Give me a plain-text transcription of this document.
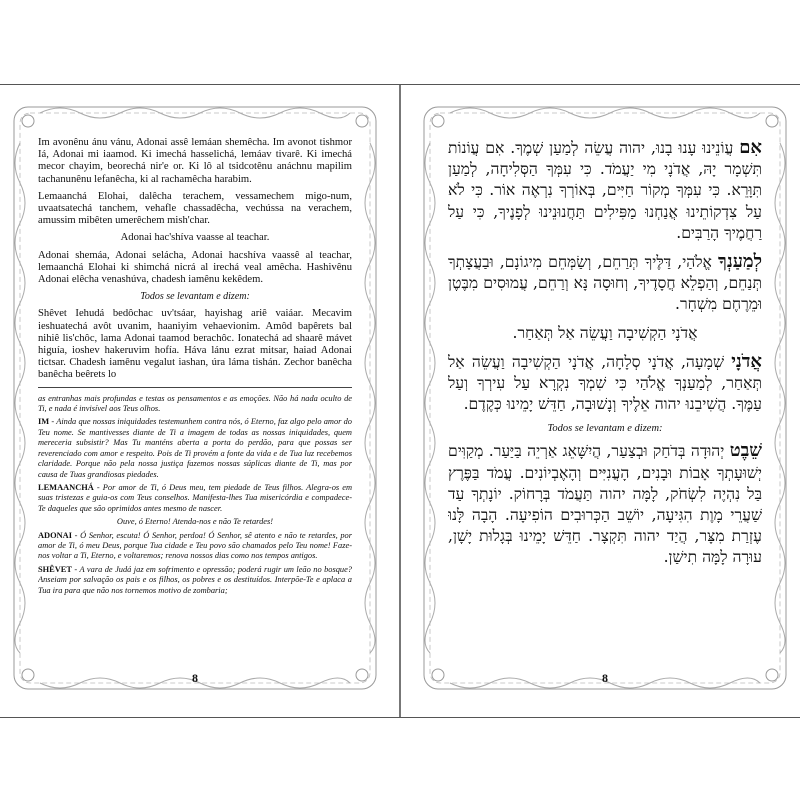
Im avonênu ánu vánu, Adonai assê lemáan shemêcha. Im avonot tishmor Iá, Adonai mi iaamod. Ki imechá hasselichá, lemáav tivarê. Ki imechá mecor chayim, beorechá nir'e or. Ki lô al tsidcotênu anáchnu mapilim tachanunênu lefanêcha, ki al rachamêcha harabim.

Lemaanchá Elohai, dalêcha terachem, vessamechem migo-num, uvaatsatechá tanchem, vehafle chassadêcha, vechússa na verachem, amussim mibêten umerêchem mish'char.

Adonai hac'shíva vaasse al teachar.

Adonai shemáa, Adonai selácha, Adonai hacshíva vaassê al teachar, lemaanchá Elohai ki shimchá nicrá al irechá veal amêcha. Hashivênu Adonai elêcha venashúva, chadesh iamênu kekêdem.

Todos se levantam e dizem:

Shêvet Iehudá bedôchac uv'tsáar, hayishag ariê vaiáar. Mecavim ieshuatechá avôt uvanim, haaniyim vehaevionim. Amôd bapêrets bal nihiê lis'chôc, lama Adonai taamod berachôc. Ionatechá ad shaarê mávet higuía, ioshev hakeruvim hofía. Háva lánu ezrat mitsar, haiad Adonai tictsar. Chadesh iamênu vegalut iashan, úra láma tishán. Zechor banêcha banêcha beêrets lo

as entranhas mais profundas e testas os pensamentos e as emoções. Não há nada oculto de Ti, e nada é invisível aos Teus olhos.

IM - Ainda que nossas iniquidades testemunhem contra nós, ó Eterno, faz algo pelo amor do Teu nome. Se mantivesses diante de Ti a imagem de todas as nossas iniquidades, quem mereceria subsistir? Mas Tu manténs aberta a porta do perdão, para que possas ser reverenciado com amor e respeito. Pois de Ti provém a fonte da vida e de Tua luz recebemos claridade. Porque não pela nossa justiça fazemos nossas súplicas diante de Ti, mas por causa de Tuas grandiosas piedades.

LEMAANCHÁ - Por amor de Ti, ó Deus meu, tem piedade de Teus filhos. Alegra-os em suas tristezas e guia-os com Teus conselhos. Manifesta-lhes Tua misericórdia e compadece-Te daqueles que são oprimidos antes mesmo de nascer.

Ouve, ó Eterno! Atenda-nos e não Te retardes!

ADONAI - Ó Senhor, escuta! Ó Senhor, perdoa! Ó Senhor, sê atento e não te retardes, por amor de Ti, ó meu Deus, porque Tua cidade e Teu povo são chamados pelo Teu nome! Faze-nos voltar a Ti, Eterno, e voltaremos; renova nossos dias como nos tempos antigos.

SHÊVET - A vara de Judá jaz em sofrimento e opressão; poderá rugir um leão no bosque? Anseiam por salvação os pais e os filhos, os pobres e os destituídos. Interpõe-Te e aplaca a Tua ira para que não nos tornemos motivo de zombaria;

8

אִם עֲוֹנֵינוּ עָנוּ בָנוּ, יהוה עֲשֵׂה לְמַעַן שְׁמֶךָ. אִם עֲוֹנוֹת תִּשְׁמָר יָהּ, אֲדֹנָי מִי יַעֲמֹד. כִּי עִמְּךָ הַסְּלִיחָה, לְמַעַן תִּוָּרֵא. כִּי עִמְּךָ מְקוֹר חַיִּים, בְּאוֹרְךָ נִרְאֶה אוֹר. כִּי לֹא עַל צִדְקוֹתֵינוּ אֲנַחְנוּ מַפִּילִים תַּחֲנוּנֵינוּ לְפָנֶיךָ, כִּי עַל רַחֲמֶיךָ הָרַבִּים.

לְמַעַנְךָ אֱלֹהַי, דַּלֶּיךָ תְּרַחֵם, וְשַׂמְּחֵם מִיגוֹנָם, וּבַעֲצָתְךָ תְּנַחֵם, וְהַפְלֵא חֲסָדֶיךָ, וְחוּסָה נָּא וְרַחֵם, עֲמוּסִים מִבֶּטֶן וּמֵרֶחֶם מִשְׁחָר.

אֲדֹנָי הַקְשִׁיבָה וַעֲשֵׂה אַל תְּאַחַר.

אֲדֹנָי שְׁמָעָה, אֲדֹנָי סְלָחָה, אֲדֹנָי הַקְשִׁיבָה וַעֲשֵׂה אַל תְּאַחַר, לְמַעַנְךָ אֱלֹהַי כִּי שִׁמְךָ נִקְרָא עַל עִירְךָ וְעַל עַמֶּךָ. הֲשִׁיבֵנוּ יהוה אֵלֶיךָ וְנָשׁוּבָה, חַדֵּשׁ יָמֵינוּ כְּקֶדֶם.

Todos se levantam e dizem:

שֵׁבֶט יְהוּדָה בְּדֹחַק וּבְצַעַר, הֲיִשָּׁאֵג אַרְיֵה בַּיַּעַר. מְקַוִּים יְשׁוּעָתְךָ אָבוֹת וּבָנִים, הָעֲנִיִּים וְהָאֶבְיוֹנִים. עֲמֹד בַּפֶּרֶץ בַּל נִהְיֶה לִשְׂחֹק, לָמָּה יהוה תַּעֲמֹד בְּרָחוֹק. יוֹנָתְךָ עַד שַׁעֲרֵי מָוֶת הִגִּיעָה, יוֹשֵׁב הַכְּרוּבִים הוֹפִיעָה. הָבָה לָּנוּ עֶזְרַת מִצָּר, הֲיַד יהוה תִּקְצָר. חַדֵּשׁ יָמֵינוּ בְּגָלוּת יָשָׁן, עוּרָה לָמָּה תִישַׁן.

8
